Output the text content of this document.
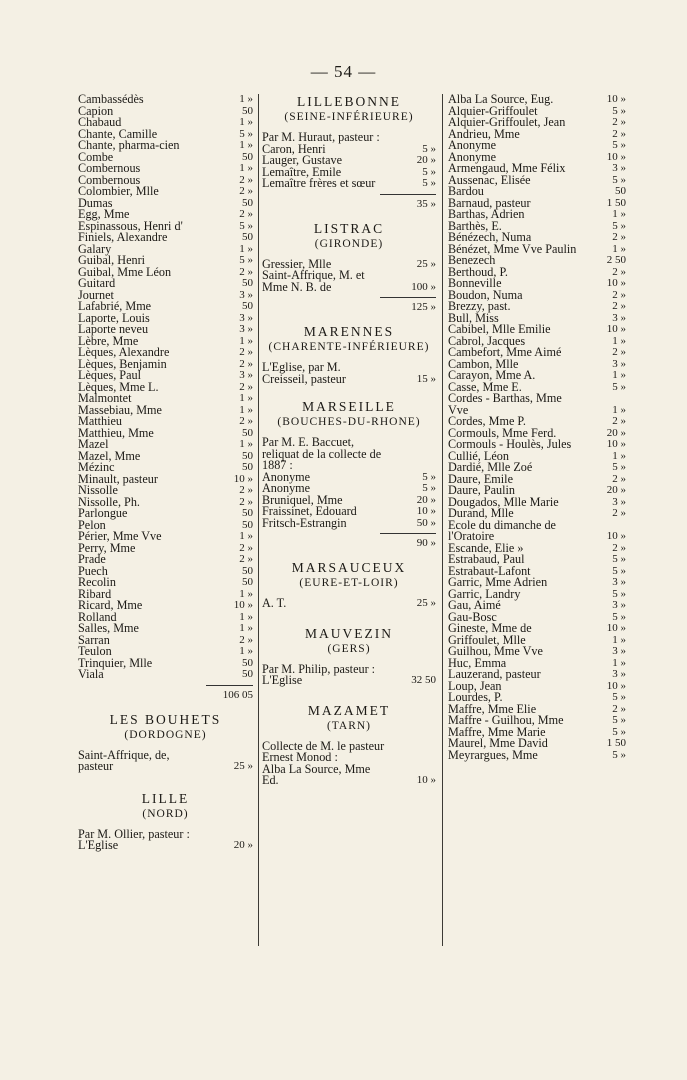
— 54 —
Cambassédès	1 »
Capion	50
Chabaud	1 »
Chante, Camille	5 »
Chante, pharma-cien	1 »
Combe	50
Combernous	1 »
Combernous	2 »
Colombier, Mlle	2 »
Dumas	50
Egg, Mme	2 »
Espinassous, Henri d'	5 »
Finiels, Alexandre	50
Galary	1 »
Guibal, Henri	5 »
Guibal, Mme Léon	2 »
Guitard	50
Journet	3 »
Lafabrié, Mme	50
Laporte, Louis	3 »
Laporte neveu	3 »
Lèbre, Mme	1 »
Lèques, Alexandre	2 »
Lèques, Benjamin	2 »
Lèques, Paul	3 »
Lèques, Mme L.	2 »
Malmontet	1 »
Massebiau, Mme	1 »
Matthieu	2 »
Matthieu, Mme	50
Mazel	1 »
Mazel, Mme	50
Mézinc	50
Minault, pasteur	10 »
Nissolle	2 »
Nissolle, Ph.	2 »
Parlongue	50
Pelon	50
Périer, Mme Vve	1 »
Perry, Mme	2 »
Prade	2 »
Puech	50
Recolin	50
Ribard	1 »
Ricard, Mme	10 »
Rolland	1 »
Salles, Mme	1 »
Sarran	2 »
Teulon	1 »
Trinquier, Mlle	50
Viala	50
106 05
LES BOUHETS
(DORDOGNE)
Saint-Affrique, de, pasteur	25 »
LILLE
(NORD)
Par M. Ollier, pasteur :
L'Eglise	20 »
LILLEBONNE
(SEINE-INFÉRIEURE)
Par M. Huraut, pasteur :
Caron, Henri	5 »
Lauger, Gustave	20 »
Lemaître, Emile	5 »
Lemaître frères et sœur	5 »
35 »
LISTRAC
(GIRONDE)
Gressier, Mlle	25 »
Saint-Affrique, M. et Mme N. B. de	100 »
125 »
MARENNES
(CHARENTE-INFÉRIEURE)
L'Eglise, par M. Creisseil, pasteur	15 »
MARSEILLE
(BOUCHES-DU-RHONE)
Par M. E. Baccuet, reliquat de la collecte de 1887 :
Anonyme	5 »
Anonyme	5 »
Bruniquel, Mme	20 »
Fraissinet, Edouard	10 »
Fritsch-Estrangin	50 »
90 »
MARSAUCEUX
(EURE-ET-LOIR)
A. T.	25 »
MAUVEZIN
(GERS)
Par M. Philip, pasteur :
L'Eglise	32 50
MAZAMET
(TARN)
Collecte de M. le pasteur Ernest Monod :
Alba La Source, Mme Ed.	10 »
Alba La Source, Eug.	10 »
Alquier-Griffoulet	5 »
Alquier-Griffoulet, Jean	2 »
Andrieu, Mme	2 »
Anonyme	5 »
Anonyme	10 »
Armengaud, Mme Félix	3 »
Aussenac, Elisée	5 »
Bardou	50
Barnaud, pasteur	1 50
Barthas, Adrien	1 »
Barthès, E.	5 »
Bénézech, Numa	2 »
Bénézet, Mme Vve Paulin	1 »
Benezech	2 50
Berthoud, P.	2 »
Bonneville	10 »
Boudon, Numa	2 »
Brezzy, past.	2 »
Bull, Miss	3 »
Cabibel, Mlle Emilie	10 »
Cabrol, Jacques	1 »
Cambefort, Mme Aimé	2 »
Cambon, Mlle	3 »
Carayon, Mme A.	1 »
Casse, Mme E.	5 »
Cordes - Barthas, Mme Vve	1 »
Cordes, Mme P.	2 »
Cormouls, Mme Ferd.	20 »
Cormouls - Houlès, Jules	10 »
Cullié, Léon	1 »
Dardié, Mlle Zoé	5 »
Daure, Emile	2 »
Daure, Paulin	20 »
Dougados, Mlle Marie	3 »
Durand, Mlle	2 »
Ecole du dimanche de l'Oratoire	10 »
Escande, Elie »	2 »
Estrabaud, Paul	5 »
Estrabaut-Lafont	5 »
Garric, Mme Adrien	3 »
Garric, Landry	5 »
Gau, Aimé	3 »
Gau-Bosc	5 »
Gineste, Mme de	10 »
Griffoulet, Mlle	1 »
Guilhou, Mme Vve	3 »
Huc, Emma	1 »
Lauzerand, pasteur	3 »
Loup, Jean	10 »
Lourdes, P.	5 »
Maffre, Mme Elie	2 »
Maffre - Guilhou, Mme	5 »
Maffre, Mme Marie	5 »
Maurel, Mme David	1 50
Meyrargues, Mme	5 »
